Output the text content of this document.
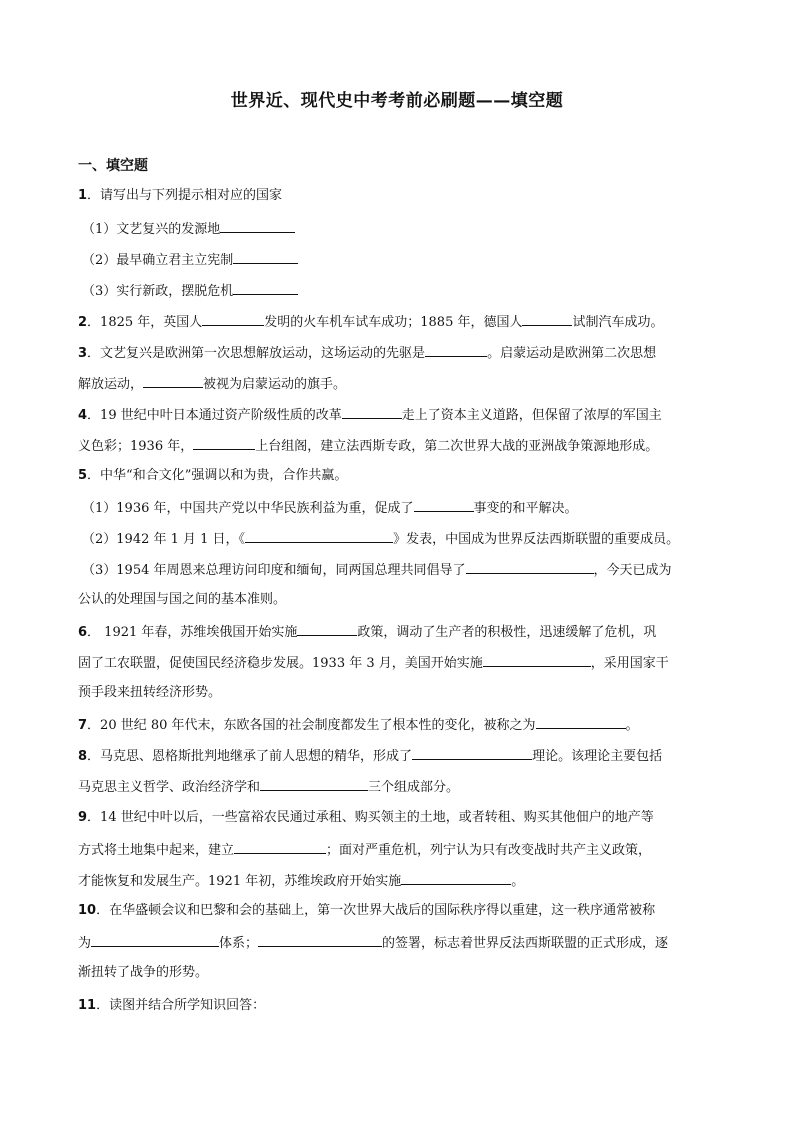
世界近、现代史中考考前必刷题——填空题
一、填空题
1．请写出与下列提示相对应的国家
（1）文艺复兴的发源地
（2）最早确立君主立宪制
（3）实行新政，摆脱危机
2．1825 年，英国人	发明的火车机车试车成功；1885 年，德国人	试制汽车成功。
3．文艺复兴是欧洲第一次思想解放运动，这场运动的先驱是	。启蒙运动是欧洲第二次思想
解放运动，	被视为启蒙运动的旗手。
4．19 世纪中叶日本通过资产阶级性质的改革	走上了资本主义道路，但保留了浓厚的军国主
义色彩；1936 年，	上台组阁，建立法西斯专政，第二次世界大战的亚洲战争策源地形成。
5．中华“和合文化”强调以和为贵，合作共赢。
（1）1936 年，中国共产党以中华民族利益为重，促成了	事变的和平解决。
（2）1942 年 1 月 1 日，《	》发表，中国成为世界反法西斯联盟的重要成员。
（3）1954 年周恩来总理访问印度和缅甸，同两国总理共同倡导了	，今天已成为
公认的处理国与国之间的基本准则。
6． 1921 年春，苏维埃俄国开始实施	政策，调动了生产者的积极性，迅速缓解了危机，巩
固了工农联盟，促使国民经济稳步发展。1933 年 3 月，美国开始实施	，采用国家干
预手段来扭转经济形势。
7．20 世纪 80 年代末，东欧各国的社会制度都发生了根本性的变化，被称之为	。
8．马克思、恩格斯批判地继承了前人思想的精华，形成了	理论。该理论主要包括
马克思主义哲学、政治经济学和	三个组成部分。
9．14 世纪中叶以后，一些富裕农民通过承租、购买领主的土地，或者转租、购买其他佃户的地产等
方式将土地集中起来，建立	；面对严重危机，列宁认为只有改变战时共产主义政策，
才能恢复和发展生产。1921 年初，苏维埃政府开始实施	。
10．在华盛顿会议和巴黎和会的基础上，第一次世界大战后的国际秩序得以重建，这一秩序通常被称
为	体系；	的签署，标志着世界反法西斯联盟的正式形成，逐
渐扭转了战争的形势。
11．读图并结合所学知识回答：
